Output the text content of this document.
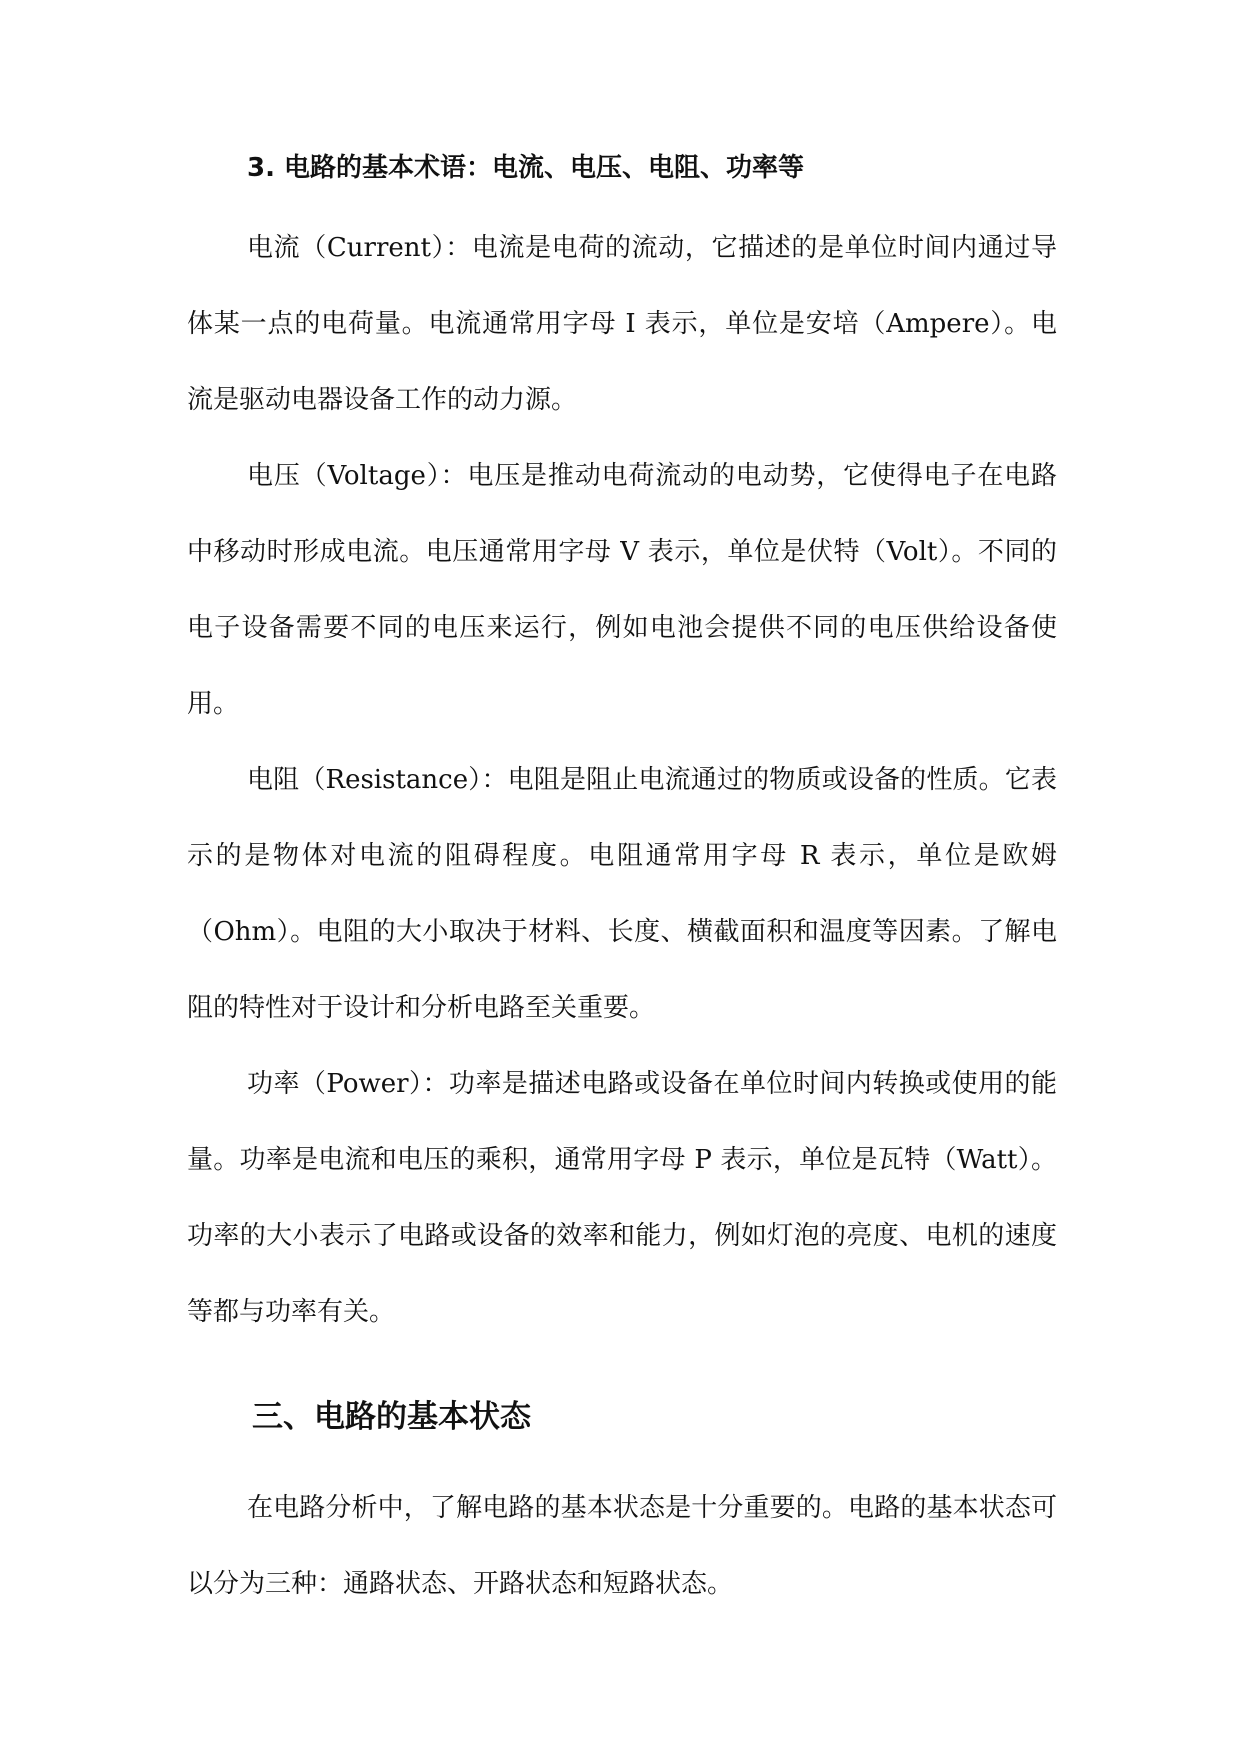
3. 电路的基本术语：电流、电压、电阻、功率等

电流（Current）：电流是电荷的流动，它描述的是单位时间内通过导体某一点的电荷量。电流通常用字母 I 表示，单位是安培（Ampere）。电流是驱动电器设备工作的动力源。

电压（Voltage）：电压是推动电荷流动的电动势，它使得电子在电路中移动时形成电流。电压通常用字母 V 表示，单位是伏特（Volt）。不同的电子设备需要不同的电压来运行，例如电池会提供不同的电压供给设备使用。

电阻（Resistance）：电阻是阻止电流通过的物质或设备的性质。它表示的是物体对电流的阻碍程度。电阻通常用字母 R 表示，单位是欧姆（Ohm）。电阻的大小取决于材料、长度、横截面积和温度等因素。了解电阻的特性对于设计和分析电路至关重要。

功率（Power）：功率是描述电路或设备在单位时间内转换或使用的能量。功率是电流和电压的乘积，通常用字母 P 表示，单位是瓦特（Watt）。功率的大小表示了电路或设备的效率和能力，例如灯泡的亮度、电机的速度等都与功率有关。

三、电路的基本状态

在电路分析中，了解电路的基本状态是十分重要的。电路的基本状态可以分为三种：通路状态、开路状态和短路状态。
